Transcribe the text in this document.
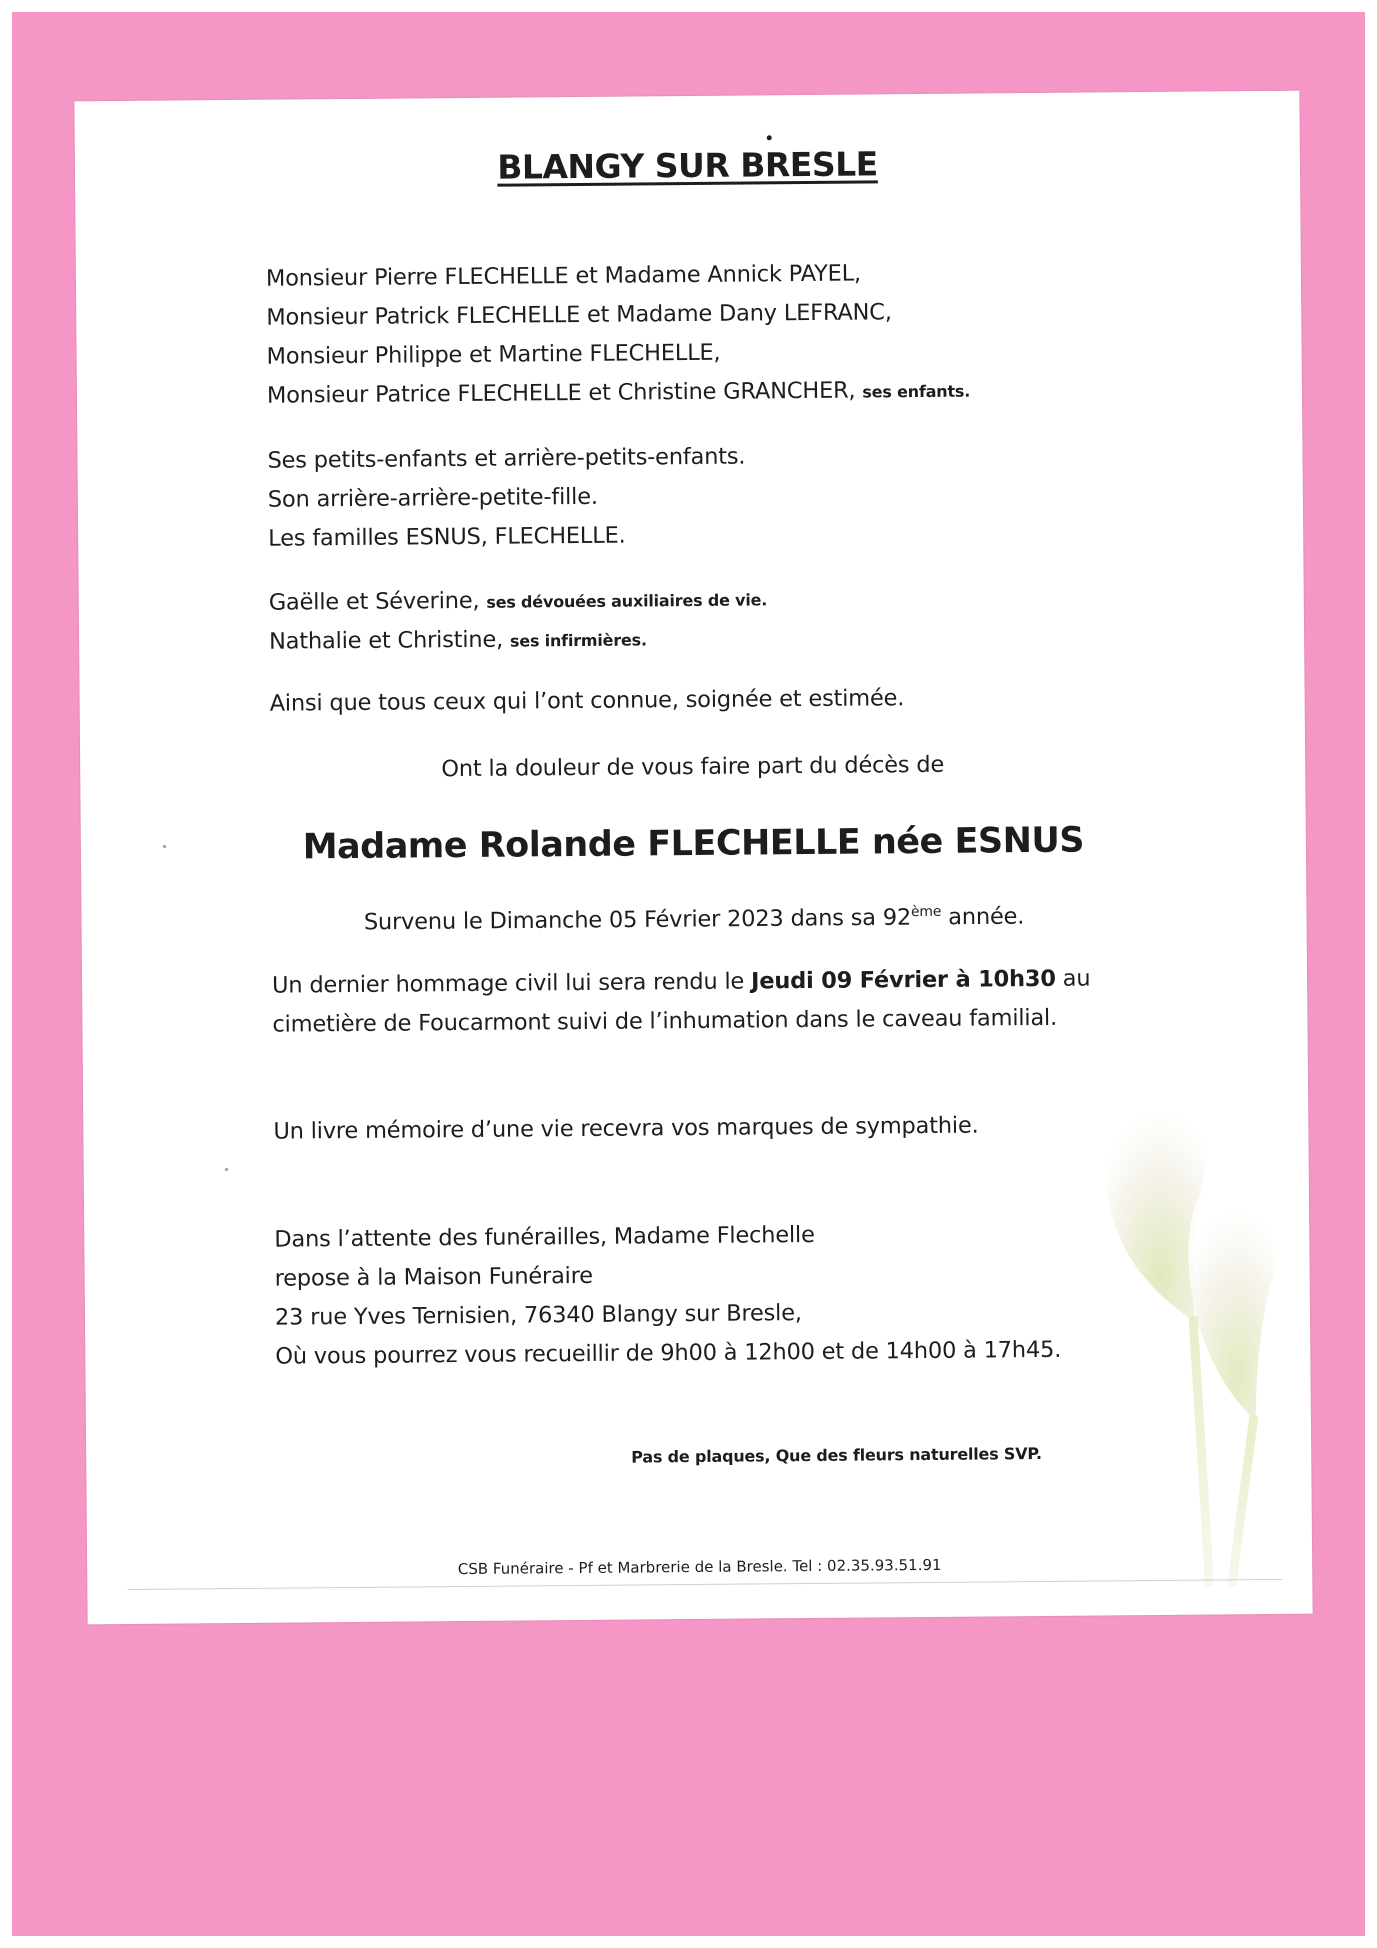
BLANGY SUR BRESLE
Monsieur Pierre FLECHELLE et Madame Annick PAYEL,
Monsieur Patrick FLECHELLE et Madame Dany LEFRANC,
Monsieur Philippe et Martine FLECHELLE,
Monsieur Patrice FLECHELLE et Christine GRANCHER, ses enfants.
Ses petits-enfants et arrière-petits-enfants.
Son arrière-arrière-petite-fille.
Les familles ESNUS, FLECHELLE.
Gaëlle et Séverine, ses dévouées auxiliaires de vie.
Nathalie et Christine, ses infirmières.
Ainsi que tous ceux qui l’ont connue, soignée et estimée.
Ont la douleur de vous faire part du décès de
Madame Rolande FLECHELLE née ESNUS
Survenu le Dimanche 05 Février 2023 dans sa 92ème année.
Un dernier hommage civil lui sera rendu le Jeudi 09 Février à 10h30 au
cimetière de Foucarmont suivi de l’inhumation dans le caveau familial.
Un livre mémoire d’une vie recevra vos marques de sympathie.
Dans l’attente des funérailles, Madame Flechelle
repose à la Maison Funéraire
23 rue Yves Ternisien, 76340 Blangy sur Bresle,
Où vous pourrez vous recueillir de 9h00 à 12h00 et de 14h00 à 17h45.
Pas de plaques, Que des fleurs naturelles SVP.
CSB Funéraire - Pf et Marbrerie de la Bresle. Tel : 02.35.93.51.91
